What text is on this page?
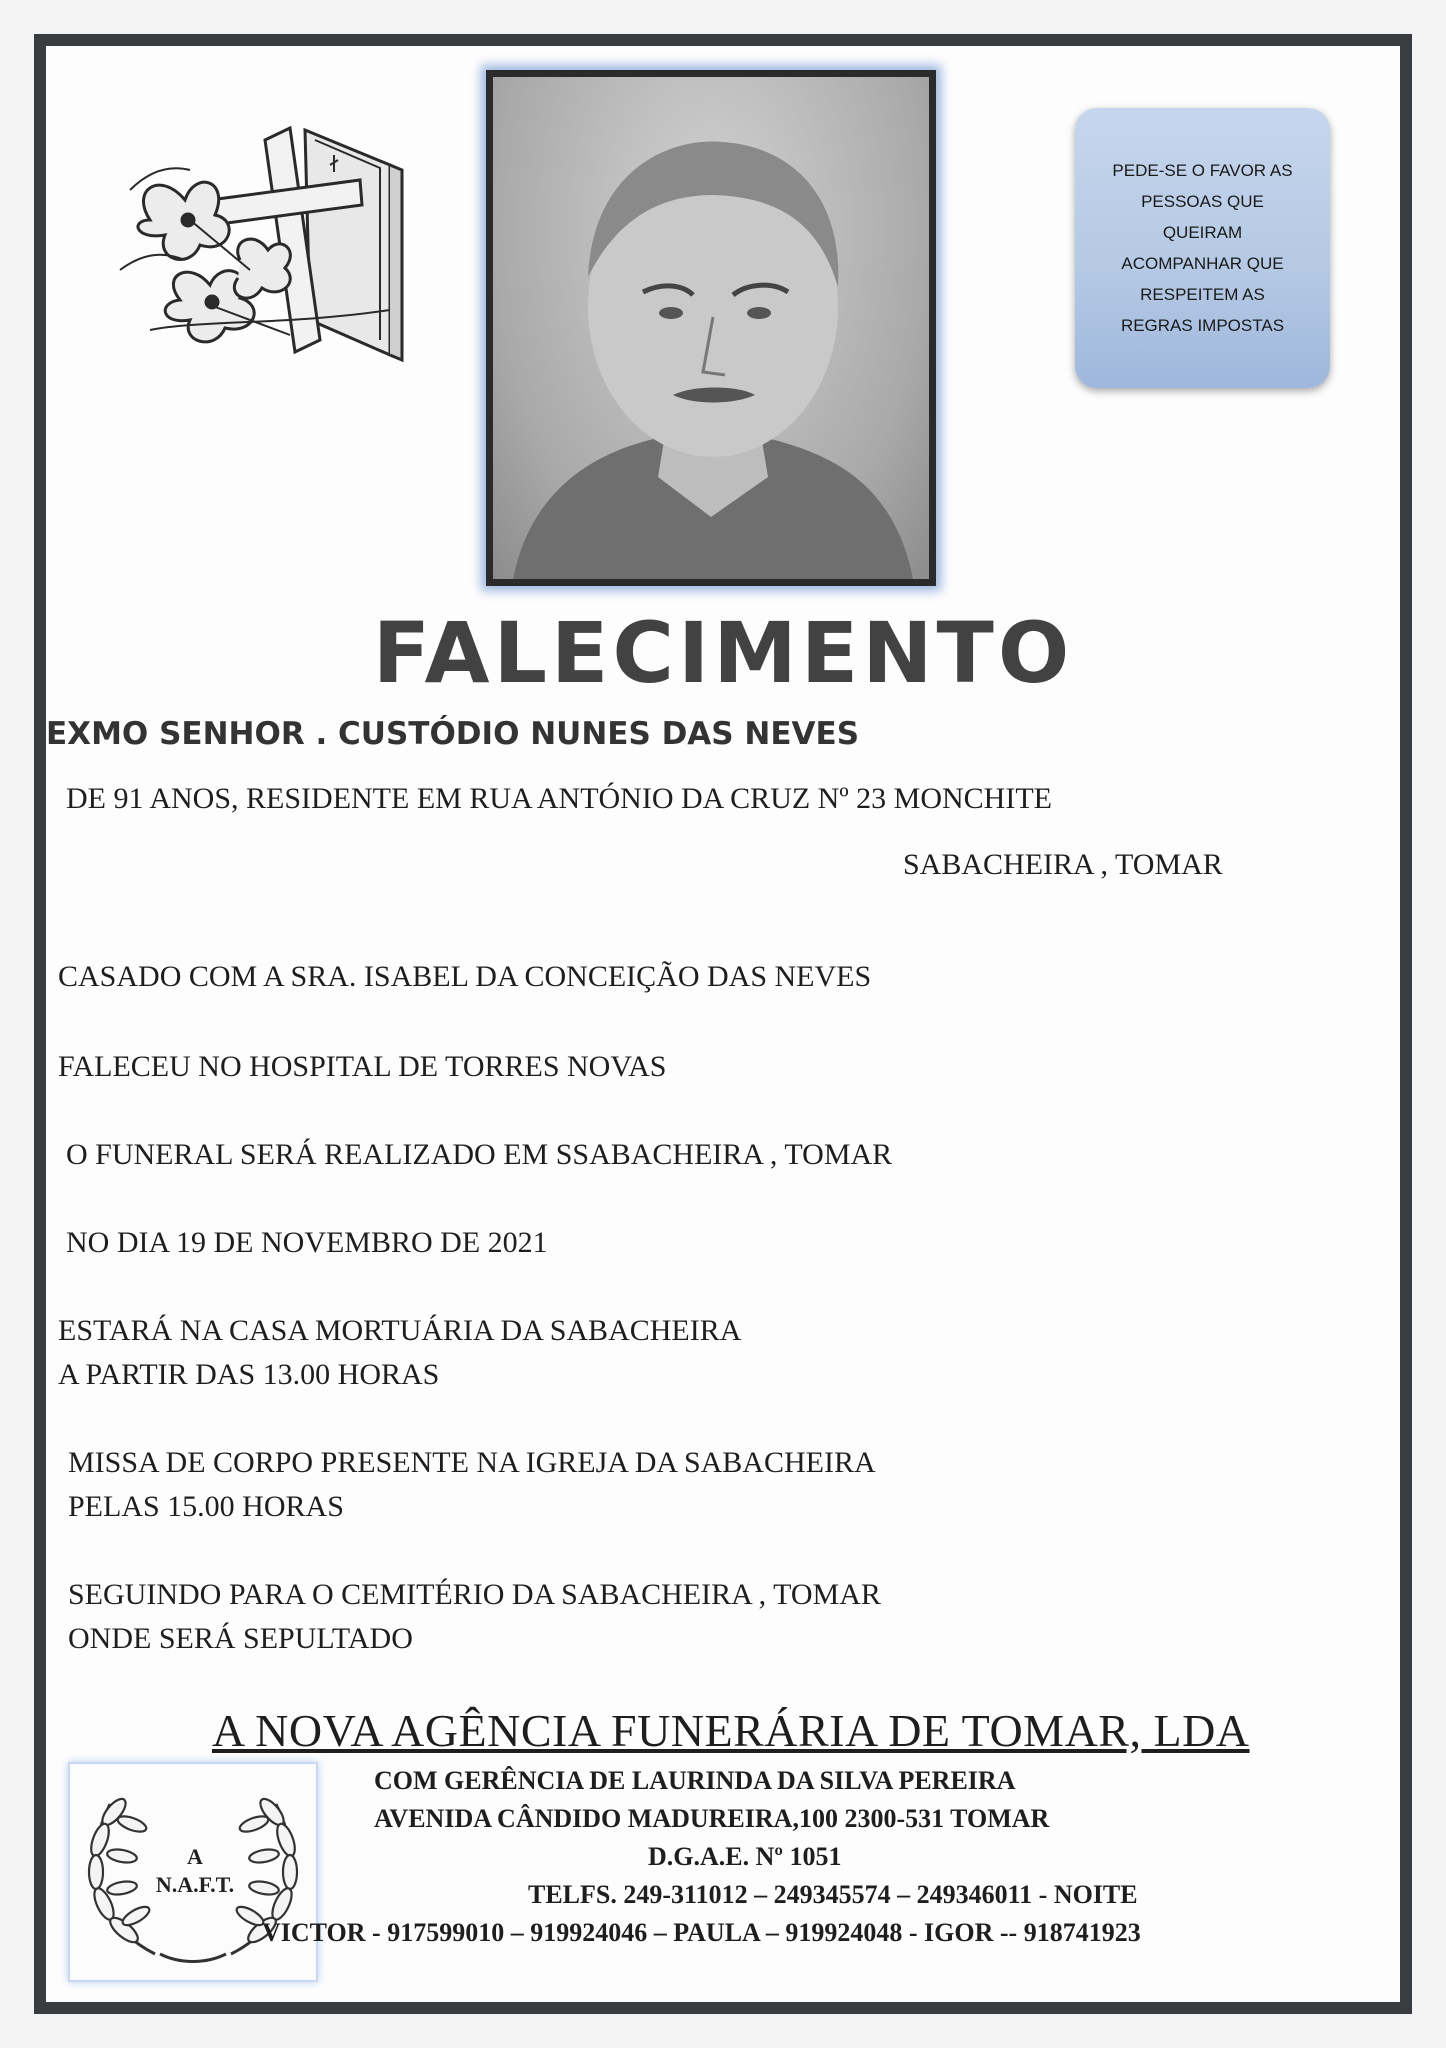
PEDE-SE O FAVOR AS
PESSOAS QUE
QUEIRAM
ACOMPANHAR QUE
RESPEITEM AS
REGRAS IMPOSTAS
FALECIMENTO
EXMO SENHOR . CUSTÓDIO NUNES DAS NEVES
DE 91 ANOS, RESIDENTE EM RUA ANTÓNIO DA CRUZ Nº 23 MONCHITE
SABACHEIRA , TOMAR
CASADO COM A SRA. ISABEL DA CONCEIÇÃO DAS NEVES
FALECEU NO HOSPITAL DE TORRES NOVAS
O FUNERAL SERÁ REALIZADO EM SSABACHEIRA , TOMAR
NO DIA 19 DE NOVEMBRO DE 2021
ESTARÁ NA CASA MORTUÁRIA DA SABACHEIRA
A PARTIR DAS 13.00 HORAS
MISSA DE CORPO PRESENTE NA IGREJA DA SABACHEIRA
PELAS 15.00 HORAS
SEGUINDO PARA O CEMITÉRIO DA SABACHEIRA , TOMAR
ONDE SERÁ SEPULTADO
A NOVA AGÊNCIA FUNERÁRIA DE TOMAR, LDA
A
N.A.F.T.
COM GERÊNCIA DE LAURINDA DA SILVA PEREIRA
AVENIDA CÂNDIDO MADUREIRA,100 2300-531 TOMAR
D.G.A.E. Nº 1051
TELFS. 249-311012 – 249345574 – 249346011 - NOITE
VICTOR - 917599010 – 919924046 – PAULA – 919924048 - IGOR -- 918741923
